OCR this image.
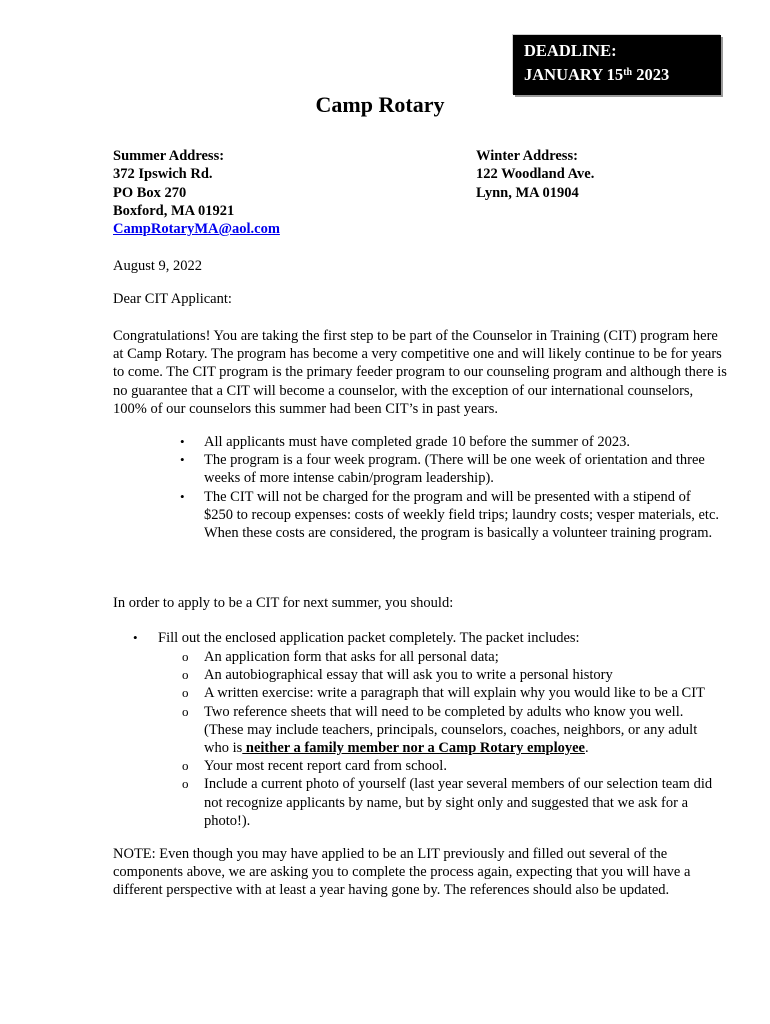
DEADLINE:
JANUARY 15th 2023
Camp Rotary
Summer Address:
372 Ipswich Rd.
PO Box 270
Boxford, MA 01921
CampRotaryMA@aol.com
Winter Address:
122 Woodland Ave.
Lynn, MA 01904
August 9, 2022
Dear CIT Applicant:
Congratulations! You are taking the first step to be part of the Counselor in Training (CIT) program here at Camp Rotary. The program has become a very competitive one and will likely continue to be for years to come. The CIT program is the primary feeder program to our counseling program and although there is no guarantee that a CIT will become a counselor, with the exception of our international counselors, 100% of our counselors this summer had been CIT’s in past years.
• All applicants must have completed grade 10 before the summer of 2023.
• The program is a four week program. (There will be one week of orientation and three weeks of more intense cabin/program leadership).
• The CIT will not be charged for the program and will be presented with a stipend of $250 to recoup expenses: costs of weekly field trips; laundry costs; vesper materials, etc. When these costs are considered, the program is basically a volunteer training program.
In order to apply to be a CIT for next summer, you should:
• Fill out the enclosed application packet completely. The packet includes:
o An application form that asks for all personal data;
o An autobiographical essay that will ask you to write a personal history
o A written exercise: write a paragraph that will explain why you would like to be a CIT
o Two reference sheets that will need to be completed by adults who know you well. (These may include teachers, principals, counselors, coaches, neighbors, or any adult who is neither a family member nor a Camp Rotary employee.
o Your most recent report card from school.
o Include a current photo of yourself (last year several members of our selection team did not recognize applicants by name, but by sight only and suggested that we ask for a photo!).
NOTE: Even though you may have applied to be an LIT previously and filled out several of the components above, we are asking you to complete the process again, expecting that you will have a different perspective with at least a year having gone by. The references should also be updated.
